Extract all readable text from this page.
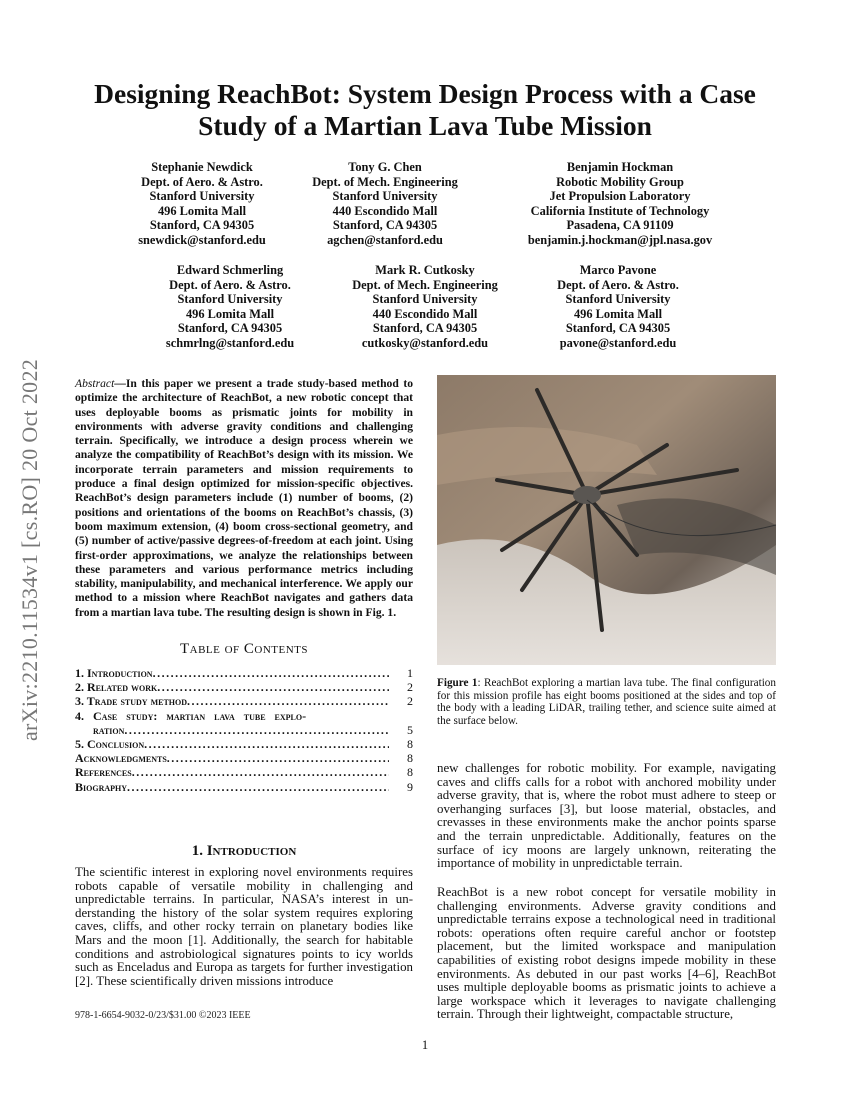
Designing ReachBot: System Design Process with a Case
Study of a Martian Lava Tube Mission
Stephanie Newdick
Dept. of Aero. & Astro.
Stanford University
496 Lomita Mall
Stanford, CA 94305
snewdick@stanford.edu
Tony G. Chen
Dept. of Mech. Engineering
Stanford University
440 Escondido Mall
Stanford, CA 94305
agchen@stanford.edu
Benjamin Hockman
Robotic Mobility Group
Jet Propulsion Laboratory
California Institute of Technology
Pasadena, CA 91109
benjamin.j.hockman@jpl.nasa.gov
Edward Schmerling
Dept. of Aero. & Astro.
Stanford University
496 Lomita Mall
Stanford, CA 94305
schmrlng@stanford.edu
Mark R. Cutkosky
Dept. of Mech. Engineering
Stanford University
440 Escondido Mall
Stanford, CA 94305
cutkosky@stanford.edu
Marco Pavone
Dept. of Aero. & Astro.
Stanford University
496 Lomita Mall
Stanford, CA 94305
pavone@stanford.edu
arXiv:2210.11534v1 [cs.RO] 20 Oct 2022	Abstract—In this paper we present a trade study-based method to optimize the architecture of ReachBot, a new robotic concept that uses deployable booms as prismatic joints for mobility in environments with adverse gravity conditions and challenging terrain. Specifically, we introduce a design process wherein we analyze the compatibility of ReachBot’s design with its mission. We incorporate terrain parameters and mission requirements to produce a final design optimized for mission-specific objectives. ReachBot’s design parameters include (1) number of booms, (2) positions and orientations of the booms on ReachBot’s chassis, (3) boom maximum extension, (4) boom cross-sectional geometry, and (5) number of active/passive degrees-of-freedom at each joint. Using first-order approximations, we analyze the relationships between these parameters and various performance metrics including stability, manipulability, and mechanical interference. We apply our method to a mission where ReachBot navigates and gathers data from a martian lava tube. The resulting design is shown in Fig. 1.
Table of Contents
1. Introduction .....	1
2. Related work .....	2
3. Trade study method .....	2
4. Case study: martian lava tube explo-
ration .....	5
5. Conclusion .....	8
Acknowledgments .....	8
References .....	8
Biography .....	9
1. Introduction
The scientific interest in exploring novel environments requires robots capable of versatile mobility in challenging and unpredictable terrains. In particular, NASA’s interest in understanding the history of the solar system requires exploring caves, cliffs, and other rocky terrain on planetary bodies like Mars and the moon [1]. Additionally, the search for habitable conditions and astrobiological signatures points to icy worlds such as Enceladus and Europa as targets for further investigation [2]. These scientifically driven missions introduce
978-1-6654-9032-0/23/$31.00 ©2023 IEEE
Figure 1: ReachBot exploring a martian lava tube. The final configuration for this mission profile has eight booms positioned at the sides and top of the body with a leading LiDAR, trailing tether, and science suite aimed at the surface below.
new challenges for robotic mobility. For example, navigating caves and cliffs calls for a robot with anchored mobility under adverse gravity, that is, where the robot must adhere to steep or overhanging surfaces [3], but loose material, obstacles, and crevasses in these environments make the anchor points sparse and the terrain unpredictable. Additionally, features on the surface of icy moons are largely unknown, reiterating the importance of mobility in unpredictable terrain.
ReachBot is a new robot concept for versatile mobility in challenging environments. Adverse gravity conditions and unpredictable terrains expose a technological need in traditional robots: operations often require careful anchor or footstep placement, but the limited workspace and manipulation capabilities of existing robot designs impede mobility in these environments. As debuted in our past works [4–6], ReachBot uses multiple deployable booms as prismatic joints to achieve a large workspace which it leverages to navigate challenging terrain. Through their lightweight, compactable structure,
1
